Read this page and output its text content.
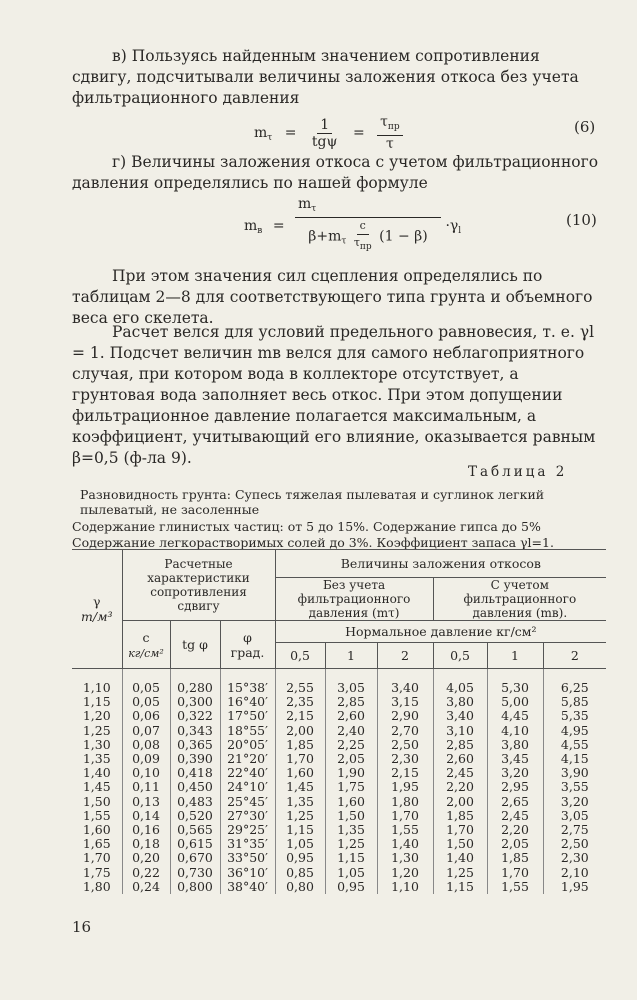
в) Пользуясь найденным значением сопротивления сдвигу, подсчитывали величины заложения откоса без учета фильтрационного давления

$m_\tau = \frac{1}{\text{tgψ}} = \frac{\tau_{пр}}{\tau}$	(6)

г) Величины заложения откоса с учетом фильтрационного давления определялись по нашей формуле

$m_в = \frac{m_\tau}{\beta+m_\tau \frac{c}{\tau_{пр}} (1 - \beta)} \cdot\gamma_l$
(10)

При этом значения сил сцепления определялись по таблицам 2—8 для соответствующего типа грунта и объемного веса его скелета.

Расчет велся для условий предельного равновесия, т. е. γl = 1. Подсчет величин mв велся для самого неблагоприятного случая, при котором вода в коллекторе отсутствует, а грунтовая вода заполняет весь откос. При этом допущении фильтрационное давление полагается максимальным, а коэффициент, учитывающий его влияние, оказывается равным β=0,5 (ф-ла 9).

Таблица 2
Разновидность грунта: Супесь тяжелая пылеватая и суглинок легкий пылеватый, не засоленные
Содержание глинистых частиц: от 5 до 15%. Содержание гипса до 5%
Содержание легкорастворимых солей до 3%. Коэффициент запаса γl=1.
γ
т/м³	Расчетные характеристики сопротивления сдвигу			Величины заложения откосов					
				Без учета фильтрационного давления (mτ)			С учетом фильтрационного давления (mв).		
	c
кг/см²	tg φ	φ
град.	Нормальное давление кг/см²					
				0,5	1	2	0,5	1	2

1,10	0,05	0,280	15°38′	2,55	3,05	3,40	4,05	5,30	6,25
1,15	0,05	0,300	16°40′	2,35	2,85	3,15	3,80	5,00	5,85
1,20	0,06	0,322	17°50′	2,15	2,60	2,90	3,40	4,45	5,35
1,25	0,07	0,343	18°55′	2,00	2,40	2,70	3,10	4,10	4,95
1,30	0,08	0,365	20°05′	1,85	2,25	2,50	2,85	3,80	4,55
1,35	0,09	0,390	21°20′	1,70	2,05	2,30	2,60	3,45	4,15
1,40	0,10	0,418	22°40′	1,60	1,90	2,15	2,45	3,20	3,90
1,45	0,11	0,450	24°10′	1,45	1,75	1,95	2,20	2,95	3,55
1,50	0,13	0,483	25°45′	1,35	1,60	1,80	2,00	2,65	3,20
1,55	0,14	0,520	27°30′	1,25	1,50	1,70	1,85	2,45	3,05
1,60	0,16	0,565	29°25′	1,15	1,35	1,55	1,70	2,20	2,75
1,65	0,18	0,615	31°35′	1,05	1,25	1,40	1,50	2,05	2,50
1,70	0,20	0,670	33°50′	0,95	1,15	1,30	1,40	1,85	2,30
1,75	0,22	0,730	36°10′	0,85	1,05	1,20	1,25	1,70	2,10
1,80	0,24	0,800	38°40′	0,80	0,95	1,10	1,15	1,55	1,95
16
